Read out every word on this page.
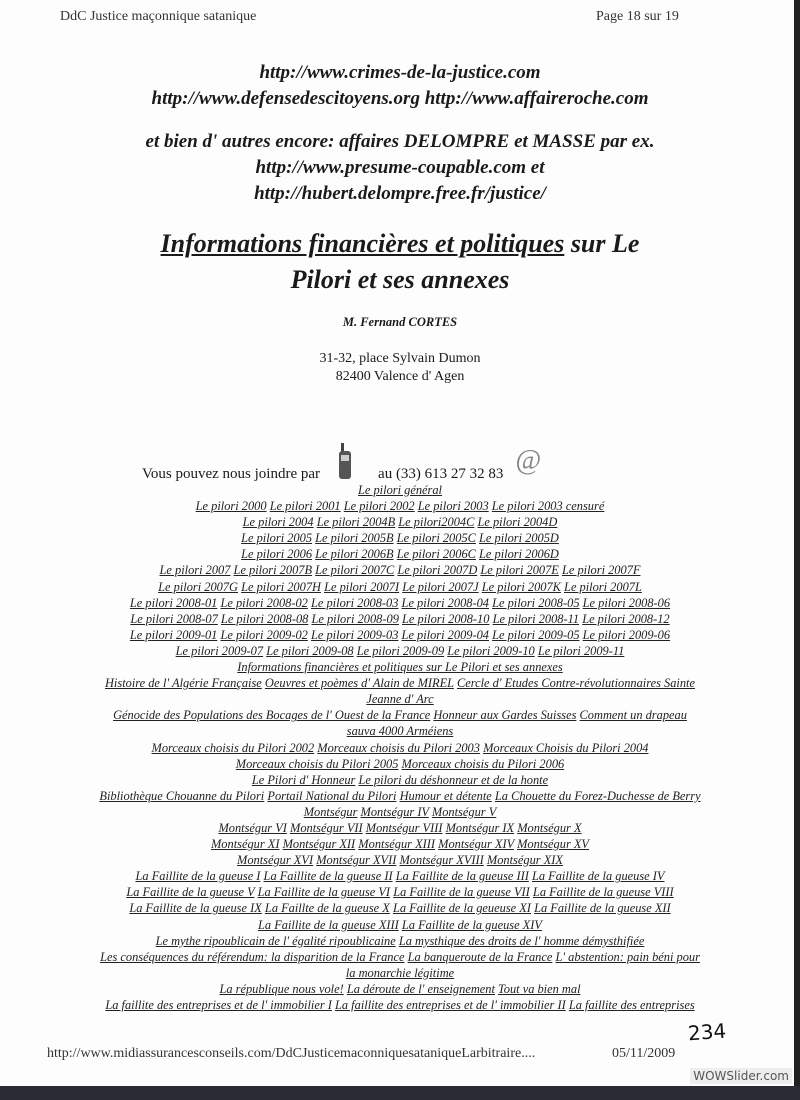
DdC Justice maçonnique satanique	Page 18 sur 19
http://www.crimes-de-la-justice.com
http://www.defensedescitoyens.org http://www.affaireroche.com
et bien d' autres encore: affaires DELOMPRE et MASSE par ex.
http://www.presume-coupable.com et
http://hubert.delompre.free.fr/justice/
Informations financières et politiques sur Le
Pilori et ses annexes
M. Fernand CORTES
31-32, place Sylvain Dumon
82400 Valence d' Agen
Vous pouvez nous joindre par	au (33) 613 27 32 83 @
Le pilori général
Le pilori 2000 Le pilori 2001 Le pilori 2002 Le pilori 2003 Le pilori 2003 censuré
Le pilori 2004 Le pilori 2004B Le pilori2004C Le pilori 2004D
Le pilori 2005 Le pilori 2005B Le pilori 2005C Le pilori 2005D
Le pilori 2006 Le pilori 2006B Le pilori 2006C Le pilori 2006D
Le pilori 2007 Le pilori 2007B Le pilori 2007C Le pilori 2007D Le pilori 2007E Le pilori 2007F
Le pilori 2007G Le pilori 2007H Le pilori 2007I Le pilori 2007J Le pilori 2007K Le pilori 2007L
Le pilori 2008-01 Le pilori 2008-02 Le pilori 2008-03 Le pilori 2008-04 Le pilori 2008-05 Le pilori 2008-06
Le pilori 2008-07 Le pilori 2008-08 Le pilori 2008-09 Le pilori 2008-10 Le pilori 2008-11 Le pilori 2008-12
Le pilori 2009-01 Le pilori 2009-02 Le pilori 2009-03 Le pilori 2009-04 Le pilori 2009-05 Le pilori 2009-06
Le pilori 2009-07 Le pilori 2009-08 Le pilori 2009-09 Le pilori 2009-10 Le pilori 2009-11
Informations financières et politiques sur Le Pilori et ses annexes
Histoire de l' Algérie Française Oeuvres et poèmes d' Alain de MIREL Cercle d' Etudes Contre-révolutionnaires Sainte
Jeanne d' Arc
Génocide des Populations des Bocages de l' Ouest de la France Honneur aux Gardes Suisses Comment un drapeau
sauva 4000 Arméiens
Morceaux choisis du Pilori 2002 Morceaux choisis du Pilori 2003 Morceaux Choisis du Pilori 2004
Morceaux choisis du Pilori 2005 Morceaux choisis du Pilori 2006
Le Pilori d' Honneur Le pilori du déshonneur et de la honte
Bibliothèque Chouanne du Pilori Portail National du Pilori Humour et détente La Chouette du Forez-Duchesse de Berry
Montségur Montségur IV Montségur V
Montségur VI Montségur VII Montségur VIII Montségur IX Montségur X
Montségur XI Montségur XII Montségur XIII Montségur XIV Montségur XV
Montségur XVI Montségur XVII Montségur XVIII Montségur XIX
La Faillite de la gueuse I La Faillite de la gueuse II La Faillite de la gueuse III La Faillite de la gueuse IV
La Faillite de la gueuse V La Faillite de la gueuse VI La Faillite de la gueuse VII La Faillite de la gueuse VIII
La Faillite de la gueuse IX La Faillte de la gueuse X La Faillite de la geueuse XI La Faillite de la gueuse XII
La Faillite de la gueuse XIII La Faillite de la gueuse XIV
Le mythe ripoublicain de l' égalité ripoublicaine La mysthique des droits de l' homme démysthifiée
Les conséquences du référendum: la disparition de la France La banqueroute de la France L' abstention: pain béni pour
la monarchie légitime
La république nous vole! La déroute de l' enseignement Tout va bien mal
La faillite des entreprises et de l' immobilier I La faillite des entreprises et de l' immobilier II La faillite des entreprises
234
http://www.midiassurancesconseils.com/DdCJusticemaconniquesataniqueLarbitraire....	05/11/2009
WOWSlider.com
